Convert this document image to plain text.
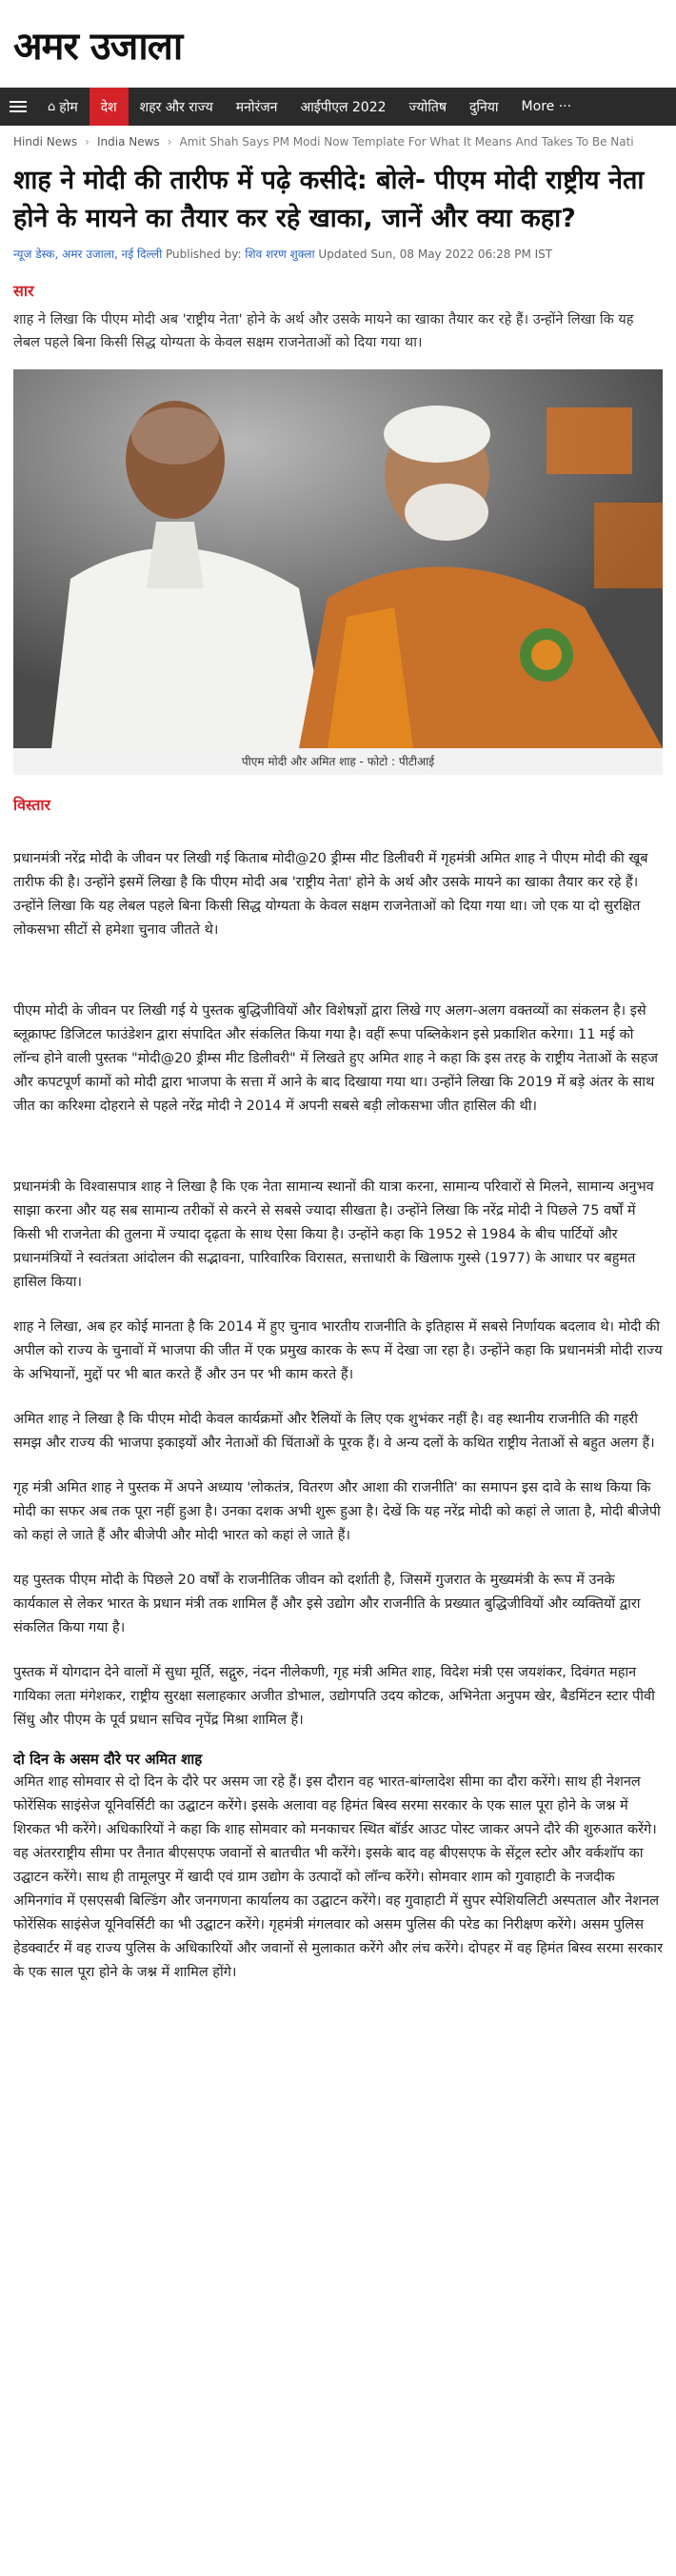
अमर उजाला
⌂ होम	देश	शहर और राज्य	मनोरंजन	आईपीएल 2022	ज्योतिष	दुनिया	More ···
Hindi News › India News › Amit Shah Says PM Modi Now Template For What It Means And Takes To Be Nati
शाह ने मोदी की तारीफ में पढ़े कसीदे: बोले- पीएम मोदी राष्ट्रीय नेता होने के मायने का तैयार कर रहे खाका, जानें और क्या कहा?
न्यूज डेस्क, अमर उजाला, नई दिल्ली Published by: शिव शरण शुक्ला Updated Sun, 08 May 2022 06:28 PM IST
सार

शाह ने लिखा कि पीएम मोदी अब 'राष्ट्रीय नेता' होने के अर्थ और उसके मायने का खाका तैयार कर रहे हैं। उन्होंने लिखा कि यह लेबल पहले बिना किसी सिद्ध योग्यता के केवल सक्षम राजनेताओं को दिया गया था।

पीएम मोदी और अमित शाह - फोटो : पीटीआई
विस्तार

प्रधानमंत्री नरेंद्र मोदी के जीवन पर लिखी गई किताब मोदी@20 ड्रीम्स मीट डिलीवरी में गृहमंत्री अमित शाह ने पीएम मोदी की खूब तारीफ की है। उन्होंने इसमें लिखा है कि पीएम मोदी अब 'राष्ट्रीय नेता' होने के अर्थ और उसके मायने का खाका तैयार कर रहे हैं। उन्होंने लिखा कि यह लेबल पहले बिना किसी सिद्ध योग्यता के केवल सक्षम राजनेताओं को दिया गया था। जो एक या दो सुरक्षित लोकसभा सीटों से हमेशा चुनाव जीतते थे।

पीएम मोदी के जीवन पर लिखी गई ये पुस्तक बुद्धिजीवियों और विशेषज्ञों द्वारा लिखे गए अलग-अलग वक्तव्यों का संकलन है। इसे ब्लूक्राफ्ट डिजिटल फाउंडेशन द्वारा संपादित और संकलित किया गया है। वहीं रूपा पब्लिकेशन इसे प्रकाशित करेगा। 11 मई को लॉन्च होने वाली पुस्तक "मोदी@20 ड्रीम्स मीट डिलीवरी" में लिखते हुए अमित शाह ने कहा कि इस तरह के राष्ट्रीय नेताओं के सहज और कपटपूर्ण कामों को मोदी द्वारा भाजपा के सत्ता में आने के बाद दिखाया गया था। उन्होंने लिखा कि 2019 में बड़े अंतर के साथ जीत का करिश्मा दोहराने से पहले नरेंद्र मोदी ने 2014 में अपनी सबसे बड़ी लोकसभा जीत हासिल की थी।

प्रधानमंत्री के विश्वासपात्र शाह ने लिखा है कि एक नेता सामान्य स्थानों की यात्रा करना, सामान्य परिवारों से मिलने, सामान्य अनुभव साझा करना और यह सब सामान्य तरीकों से करने से सबसे ज्यादा सीखता है। उन्होंने लिखा कि नरेंद्र मोदी ने पिछले 75 वर्षों में किसी भी राजनेता की तुलना में ज्यादा दृढ़ता के साथ ऐसा किया है। उन्होंने कहा कि 1952 से 1984 के बीच पार्टियों और प्रधानमंत्रियों ने स्वतंत्रता आंदोलन की सद्भावना, पारिवारिक विरासत, सत्ताधारी के खिलाफ गुस्से (1977) के आधार पर बहुमत हासिल किया।

शाह ने लिखा, अब हर कोई मानता है कि 2014 में हुए चुनाव भारतीय राजनीति के इतिहास में सबसे निर्णायक बदलाव थे। मोदी की अपील को राज्य के चुनावों में भाजपा की जीत में एक प्रमुख कारक के रूप में देखा जा रहा है। उन्होंने कहा कि प्रधानमंत्री मोदी राज्य के अभियानों, मुद्दों पर भी बात करते हैं और उन पर भी काम करते हैं।

अमित शाह ने लिखा है कि पीएम मोदी केवल कार्यक्रमों और रैलियों के लिए एक शुभंकर नहीं है। वह स्थानीय राजनीति की गहरी समझ और राज्य की भाजपा इकाइयों और नेताओं की चिंताओं के पूरक हैं। वे अन्य दलों के कथित राष्ट्रीय नेताओं से बहुत अलग हैं।

गृह मंत्री अमित शाह ने पुस्तक में अपने अध्याय 'लोकतंत्र, वितरण और आशा की राजनीति' का समापन इस दावे के साथ किया कि मोदी का सफर अब तक पूरा नहीं हुआ है। उनका दशक अभी शुरू हुआ है। देखें कि यह नरेंद्र मोदी को कहां ले जाता है, मोदी बीजेपी को कहां ले जाते हैं और बीजेपी और मोदी भारत को कहां ले जाते हैं।

यह पुस्तक पीएम मोदी के पिछले 20 वर्षों के राजनीतिक जीवन को दर्शाती है, जिसमें गुजरात के मुख्यमंत्री के रूप में उनके कार्यकाल से लेकर भारत के प्रधान मंत्री तक शामिल हैं और इसे उद्योग और राजनीति के प्रख्यात बुद्धिजीवियों और व्यक्तियों द्वारा संकलित किया गया है।

पुस्तक में योगदान देने वालों में सुधा मूर्ति, सद्गुरु, नंदन नीलेकणी, गृह मंत्री अमित शाह, विदेश मंत्री एस जयशंकर, दिवंगत महान गायिका लता मंगेशकर, राष्ट्रीय सुरक्षा सलाहकार अजीत डोभाल, उद्योगपति उदय कोटक, अभिनेता अनुपम खेर, बैडमिंटन स्टार पीवी सिंधु और पीएम के पूर्व प्रधान सचिव नृपेंद्र मिश्रा शामिल हैं।

दो दिन के असम दौरे पर अमित शाह

अमित शाह सोमवार से दो दिन के दौरे पर असम जा रहे हैं। इस दौरान वह भारत-बांग्लादेश सीमा का दौरा करेंगे। साथ ही नेशनल फोरेंसिक साइंसेज यूनिवर्सिटी का उद्घाटन करेंगे। इसके अलावा वह हिमंत बिस्व सरमा सरकार के एक साल पूरा होने के जश्न में शिरकत भी करेंगे। अधिकारियों ने कहा कि शाह सोमवार को मनकाचर स्थित बॉर्डर आउट पोस्ट जाकर अपने दौरे की शुरुआत करेंगे। वह अंतरराष्ट्रीय सीमा पर तैनात बीएसएफ जवानों से बातचीत भी करेंगे। इसके बाद वह बीएसएफ के सेंट्रल स्टोर और वर्कशॉप का उद्घाटन करेंगे। साथ ही तामूलपुर में खादी एवं ग्राम उद्योग के उत्पादों को लॉन्च करेंगे। सोमवार शाम को गुवाहाटी के नजदीक अमिनगांव में एसएसबी बिल्डिंग और जनगणना कार्यालय का उद्घाटन करेंगे। वह गुवाहाटी में सुपर स्पेशियलिटी अस्पताल और नेशनल फोरेंसिक साइंसेज यूनिवर्सिटी का भी उद्घाटन करेंगे। गृहमंत्री मंगलवार को असम पुलिस की परेड का निरीक्षण करेंगे। असम पुलिस हेडक्वार्टर में वह राज्य पुलिस के अधिकारियों और जवानों से मुलाकात करेंगे और लंच करेंगे। दोपहर में वह हिमंत बिस्व सरमा सरकार के एक साल पूरा होने के जश्न में शामिल होंगे।
